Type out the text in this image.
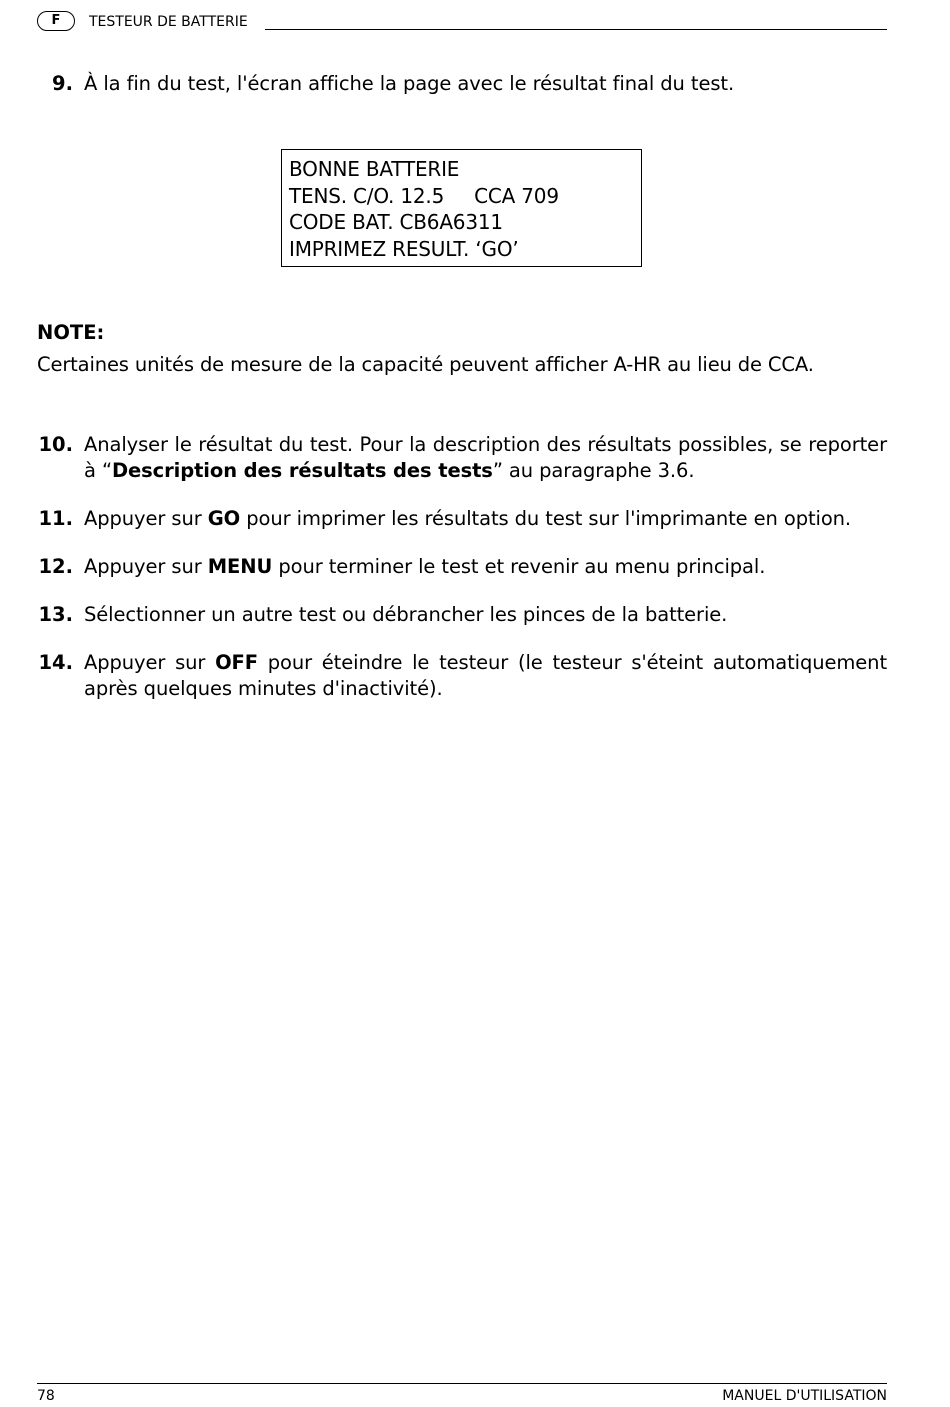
F	TESTEUR DE BATTERIE
9. À la fin du test, l'écran affiche la page avec le résultat final du test.
BONNE BATTERIE
TENS. C/O. 12.5 CCA 709
CODE BAT. CB6A6311
IMPRIMEZ RESULT. ‘GO’
NOTE:
Certaines unités de mesure de la capacité peuvent afficher A-HR au lieu de CCA.
10. Analyser le résultat du test. Pour la description des résultats possibles, se reporter à “Description des résultats des tests” au paragraphe 3.6.
11. Appuyer sur GO pour imprimer les résultats du test sur l'imprimante en option.
12. Appuyer sur MENU pour terminer le test et revenir au menu principal.
13. Sélectionner un autre test ou débrancher les pinces de la batterie.
14. Appuyer sur OFF pour éteindre le testeur (le testeur s'éteint automatiquement après quelques minutes d'inactivité).
78	MANUEL D'UTILISATION
